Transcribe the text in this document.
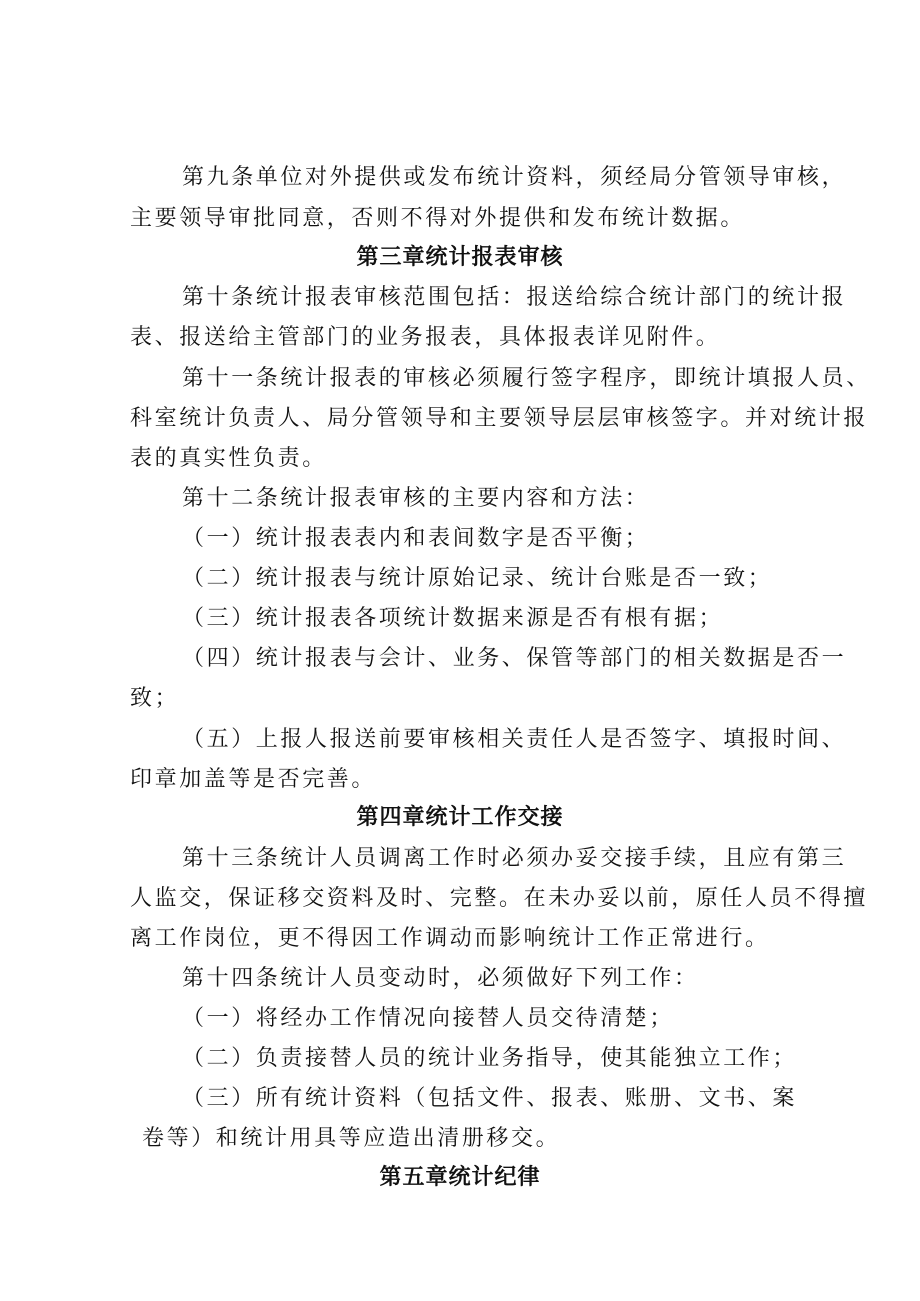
第九条单位对外提供或发布统计资料，须经局分管领导审核，
主要领导审批同意，否则不得对外提供和发布统计数据。
第三章统计报表审核
第十条统计报表审核范围包括：报送给综合统计部门的统计报
表、报送给主管部门的业务报表，具体报表详见附件。
第十一条统计报表的审核必须履行签字程序，即统计填报人员、
科室统计负责人、局分管领导和主要领导层层审核签字。并对统计报
表的真实性负责。
第十二条统计报表审核的主要内容和方法：
（一）统计报表表内和表间数字是否平衡；
（二）统计报表与统计原始记录、统计台账是否一致；
（三）统计报表各项统计数据来源是否有根有据；
（四）统计报表与会计、业务、保管等部门的相关数据是否一
致；
（五）上报人报送前要审核相关责任人是否签字、填报时间、
印章加盖等是否完善。
第四章统计工作交接
第十三条统计人员调离工作时必须办妥交接手续，且应有第三
人监交，保证移交资料及时、完整。在未办妥以前，原任人员不得擅
离工作岗位，更不得因工作调动而影响统计工作正常进行。
第十四条统计人员变动时，必须做好下列工作：
（一）将经办工作情况向接替人员交待清楚；
（二）负责接替人员的统计业务指导，使其能独立工作；
（三）所有统计资料（包括文件、报表、账册、文书、案
卷等）和统计用具等应造出清册移交。
第五章统计纪律
